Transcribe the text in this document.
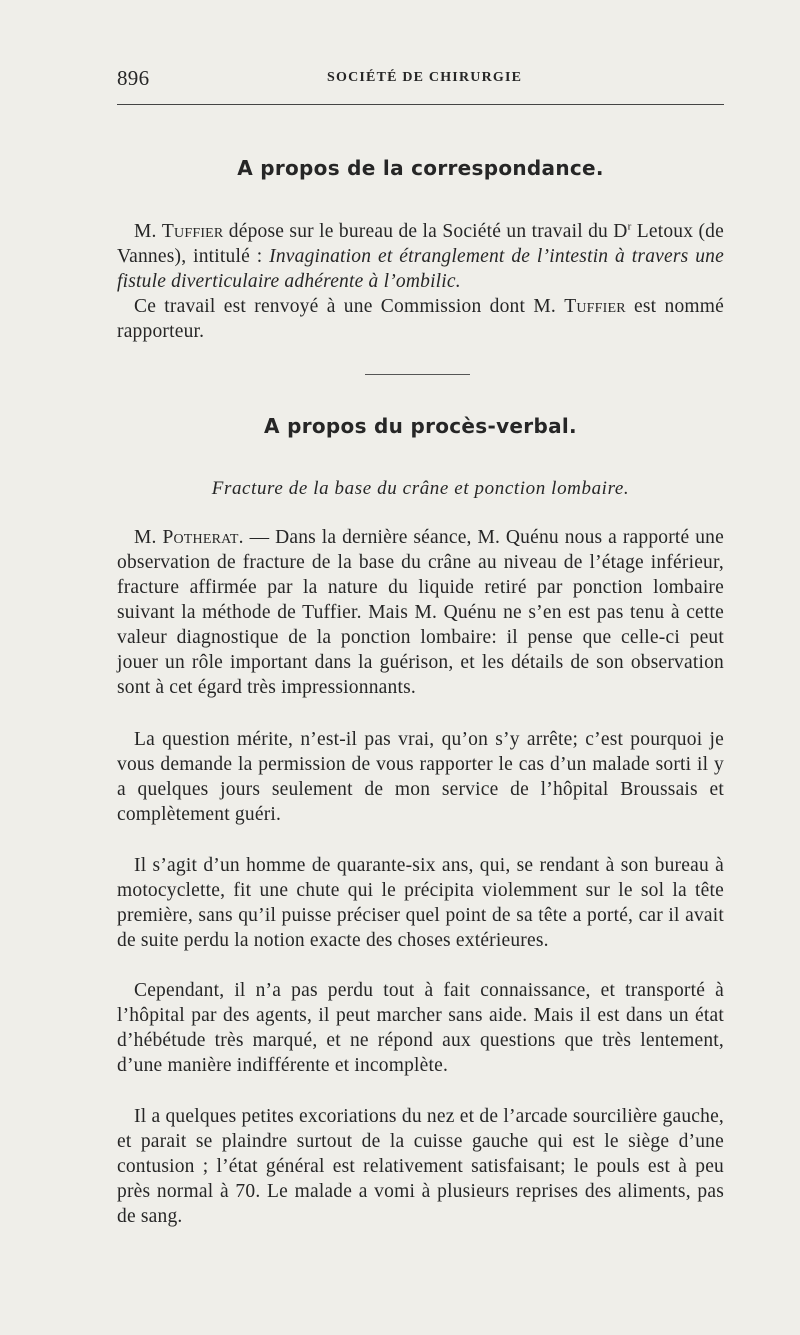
896	SOCIÉTÉ DE CHIRURGIE
A propos de la correspondance.

M. Tuffier dépose sur le bureau de la Société un travail du $D^r$ Letoux (de Vannes), intitulé : Invagination et étranglement de l’intestin à travers une fistule diverticulaire adhérente à l’ombilic.

Ce travail est renvoyé à une Commission dont M. Tuffier est nommé rapporteur.

A propos du procès-verbal.
Fracture de la base du crâne et ponction lombaire.

M. Potherat. — Dans la dernière séance, M. Quénu nous a rapporté une observation de fracture de la base du crâne au niveau de l’étage inférieur, fracture affirmée par la nature du liquide retiré par ponction lombaire suivant la méthode de Tuffier. Mais M. Quénu ne s’en est pas tenu à cette valeur diagnostique de la ponction lombaire: il pense que celle-ci peut jouer un rôle important dans la guérison, et les détails de son observation sont à cet égard très impressionnants.

La question mérite, n’est-il pas vrai, qu’on s’y arrête; c’est pourquoi je vous demande la permission de vous rapporter le cas d’un malade sorti il y a quelques jours seulement de mon service de l’hôpital Broussais et complètement guéri.

Il s’agit d’un homme de quarante-six ans, qui, se rendant à son bureau à motocyclette, fit une chute qui le précipita violemment sur le sol la tête première, sans qu’il puisse préciser quel point de sa tête a porté, car il avait de suite perdu la notion exacte des choses extérieures.

Cependant, il n’a pas perdu tout à fait connaissance, et transporté à l’hôpital par des agents, il peut marcher sans aide. Mais il est dans un état d’hébétude très marqué, et ne répond aux questions que très lentement, d’une manière indifférente et incomplète.

Il a quelques petites excoriations du nez et de l’arcade sourcilière gauche, et parait se plaindre surtout de la cuisse gauche qui est le siège d’une contusion ; l’état général est relativement satisfaisant; le pouls est à peu près normal à 70. Le malade a vomi à plusieurs reprises des aliments, pas de sang.
